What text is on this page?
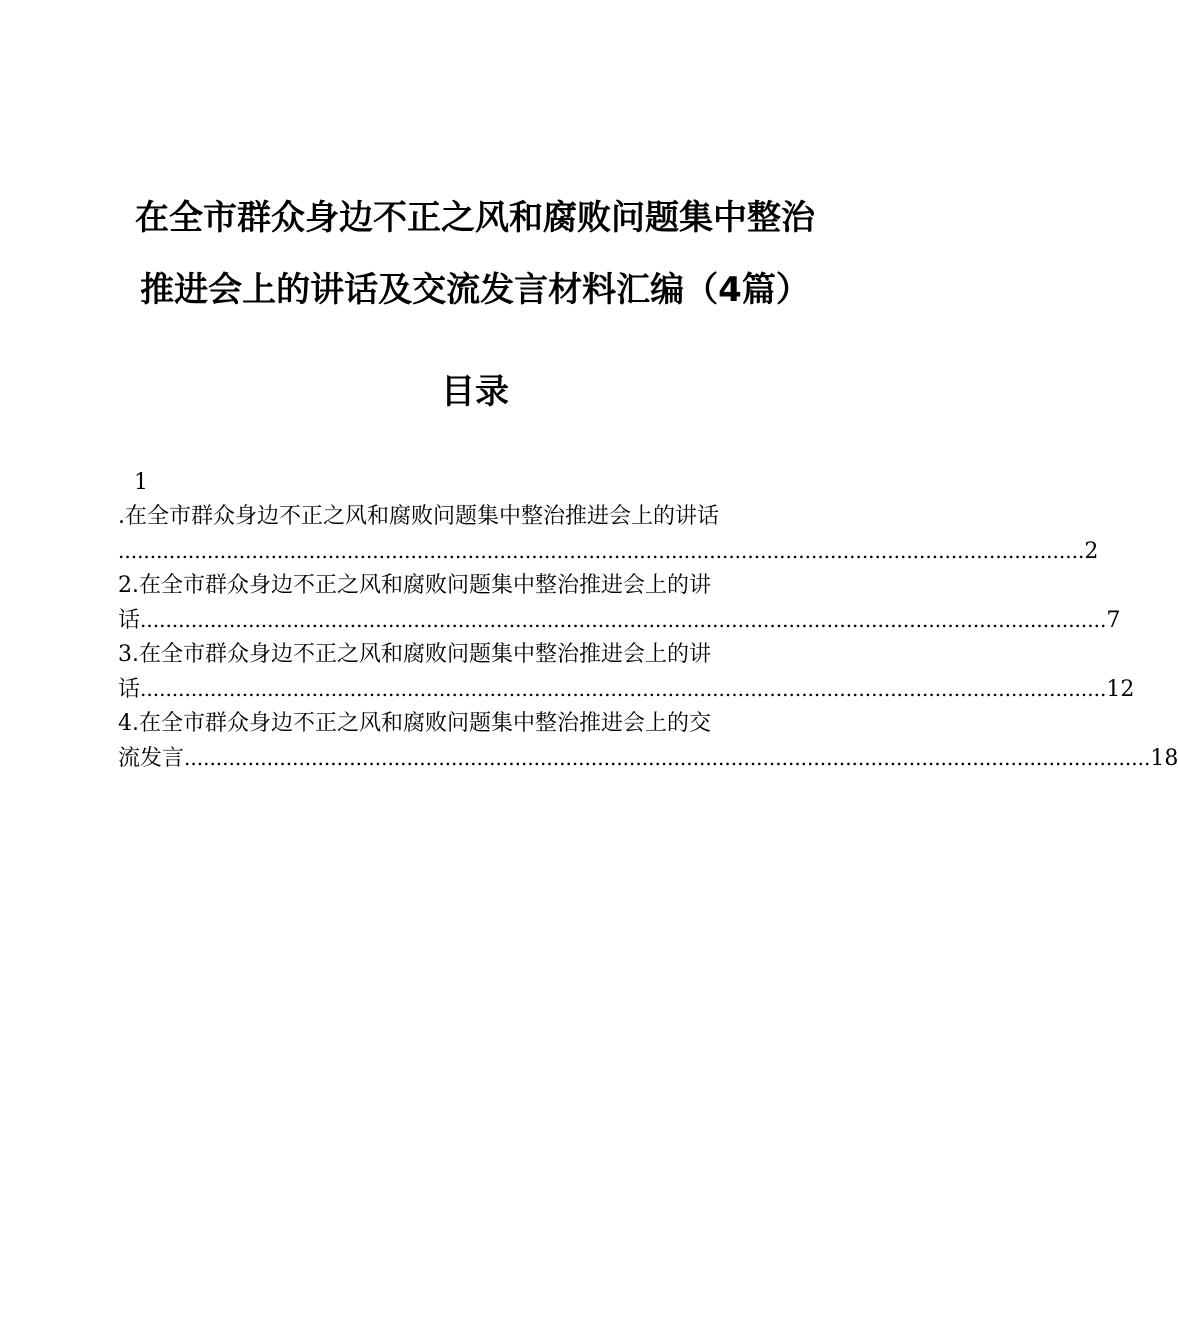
在全市群众身边不正之风和腐败问题集中整治
推进会上的讲话及交流发言材料汇编（4篇）
目录
1
.在全市群众身边不正之风和腐败问题集中整治推进会上的讲话
........................................................................................................................................................ 2
2.在全市群众身边不正之风和腐败问题集中整治推进会上的讲
话 ........................................................................................................................................................ 7
3.在全市群众身边不正之风和腐败问题集中整治推进会上的讲
话 ........................................................................................................................................................ 12
4.在全市群众身边不正之风和腐败问题集中整治推进会上的交
流发言 ........................................................................................................................................................ 18
